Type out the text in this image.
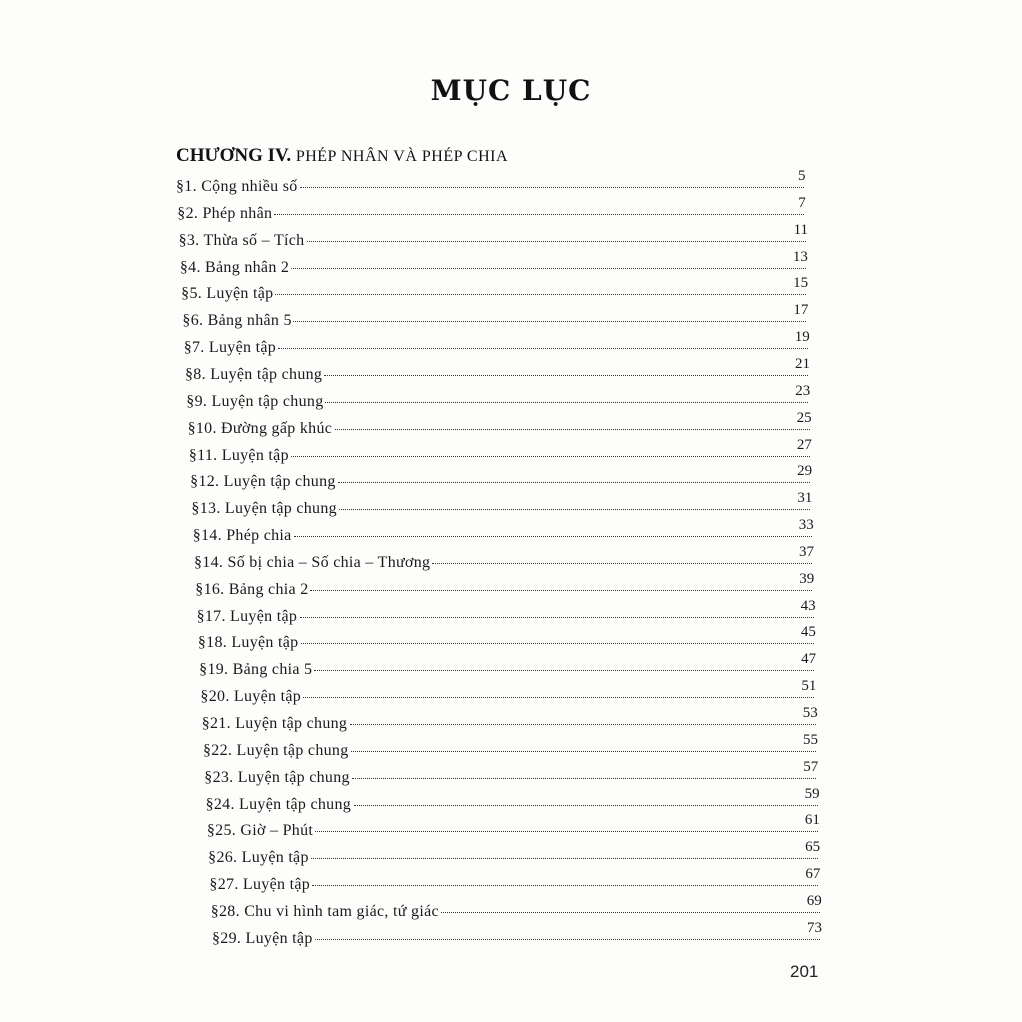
MỤC LỤC
CHƯƠNG IV. PHÉP NHÂN VÀ PHÉP CHIA
§1. Cộng nhiều số
5
§2. Phép nhân
7
§3. Thừa số – Tích
11
§4. Bảng nhân 2
13
§5. Luyện tập
15
§6. Bảng nhân 5
17
§7. Luyện tập
19
§8. Luyện tập chung
21
§9. Luyện tập chung
23
§10. Đường gấp khúc
25
§11. Luyện tập
27
§12. Luyện tập chung
29
§13. Luyện tập chung
31
§14. Phép chia
33
§14. Số bị chia – Số chia – Thương
37
§16. Bảng chia 2
39
§17. Luyện tập
43
§18. Luyện tập
45
§19. Bảng chia 5
47
§20. Luyện tập
51
§21. Luyện tập chung
53
§22. Luyện tập chung
55
§23. Luyện tập chung
57
§24. Luyện tập chung
59
§25. Giờ – Phút
61
§26. Luyện tập
65
§27. Luyện tập
67
§28. Chu vi hình tam giác, tứ giác
69
§29. Luyện tập
73
201
